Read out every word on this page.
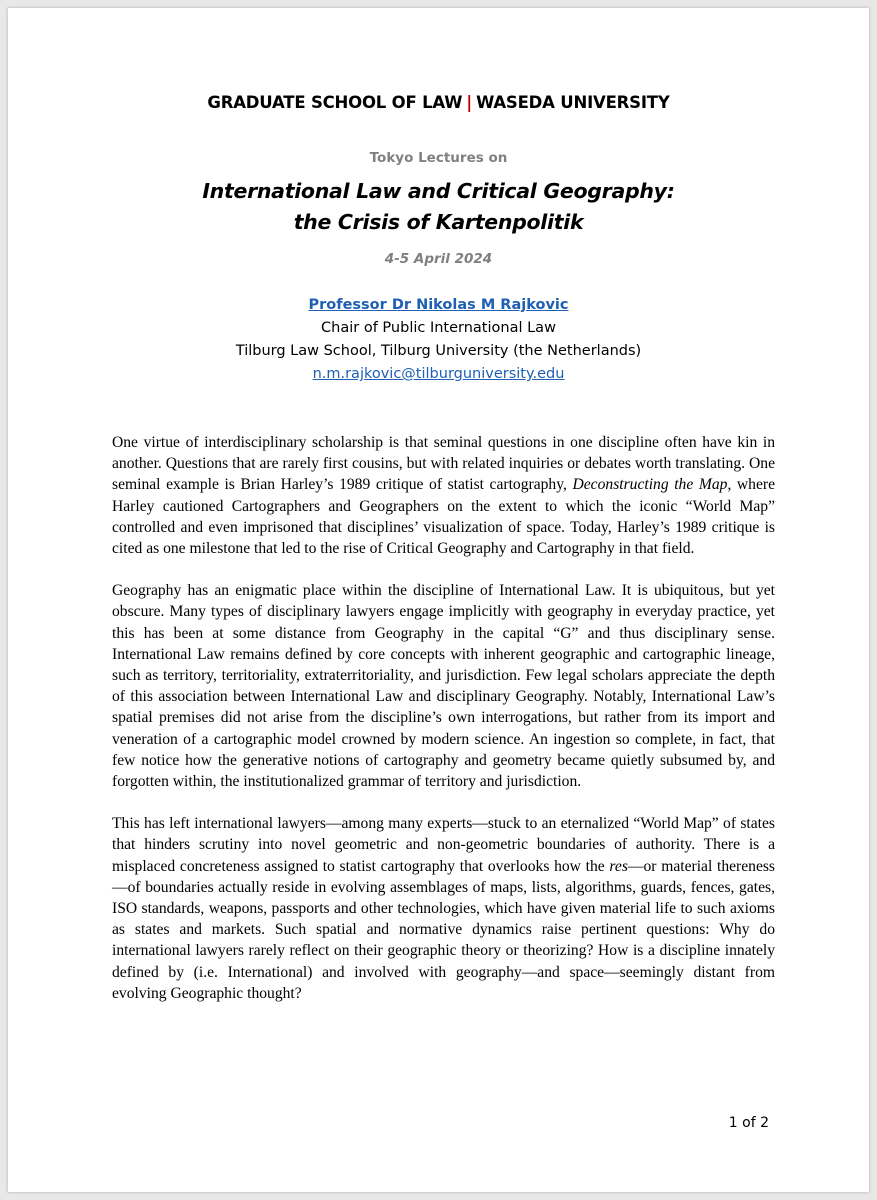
GRADUATE SCHOOL OF LAW | WASEDA UNIVERSITY
Tokyo Lectures on
International Law and Critical Geography:
the Crisis of Kartenpolitik
4-5 April 2024
Professor Dr Nikolas M Rajkovic
Chair of Public International Law
Tilburg Law School, Tilburg University (the Netherlands)
n.m.rajkovic@tilburguniversity.edu

One virtue of interdisciplinary scholarship is that seminal questions in one discipline often have kin in another. Questions that are rarely first cousins, but with related inquiries or debates worth translating. One seminal example is Brian Harley’s 1989 critique of statist cartography, Deconstructing the Map, where Harley cautioned Cartographers and Geographers on the extent to which the iconic “World Map” controlled and even imprisoned that disciplines’ visualization of space. Today, Harley’s 1989 critique is cited as one milestone that led to the rise of Critical Geography and Cartography in that field.

Geography has an enigmatic place within the discipline of International Law. It is ubiquitous, but yet obscure. Many types of disciplinary lawyers engage implicitly with geography in everyday practice, yet this has been at some distance from Geography in the capital “G” and thus disciplinary sense. International Law remains defined by core concepts with inherent geographic and cartographic lineage, such as territory, territoriality, extraterritoriality, and jurisdiction. Few legal scholars appreciate the depth of this association between International Law and disciplinary Geography. Notably, International Law’s spatial premises did not arise from the discipline’s own interrogations, but rather from its import and veneration of a cartographic model crowned by modern science. An ingestion so complete, in fact, that few notice how the generative notions of cartography and geometry became quietly subsumed by, and forgotten within, the institutionalized grammar of territory and jurisdiction.

This has left international lawyers—among many experts—stuck to an eternalized “World Map” of states that hinders scrutiny into novel geometric and non-geometric boundaries of authority. There is a misplaced concreteness assigned to statist cartography that overlooks how the res—or material thereness—of boundaries actually reside in evolving assemblages of maps, lists, algorithms, guards, fences, gates, ISO standards, weapons, passports and other technologies, which have given material life to such axioms as states and markets. Such spatial and normative dynamics raise pertinent questions: Why do international lawyers rarely reflect on their geographic theory or theorizing? How is a discipline innately defined by (i.e. International) and involved with geography—and space—seemingly distant from evolving Geographic thought?

1 of 2
